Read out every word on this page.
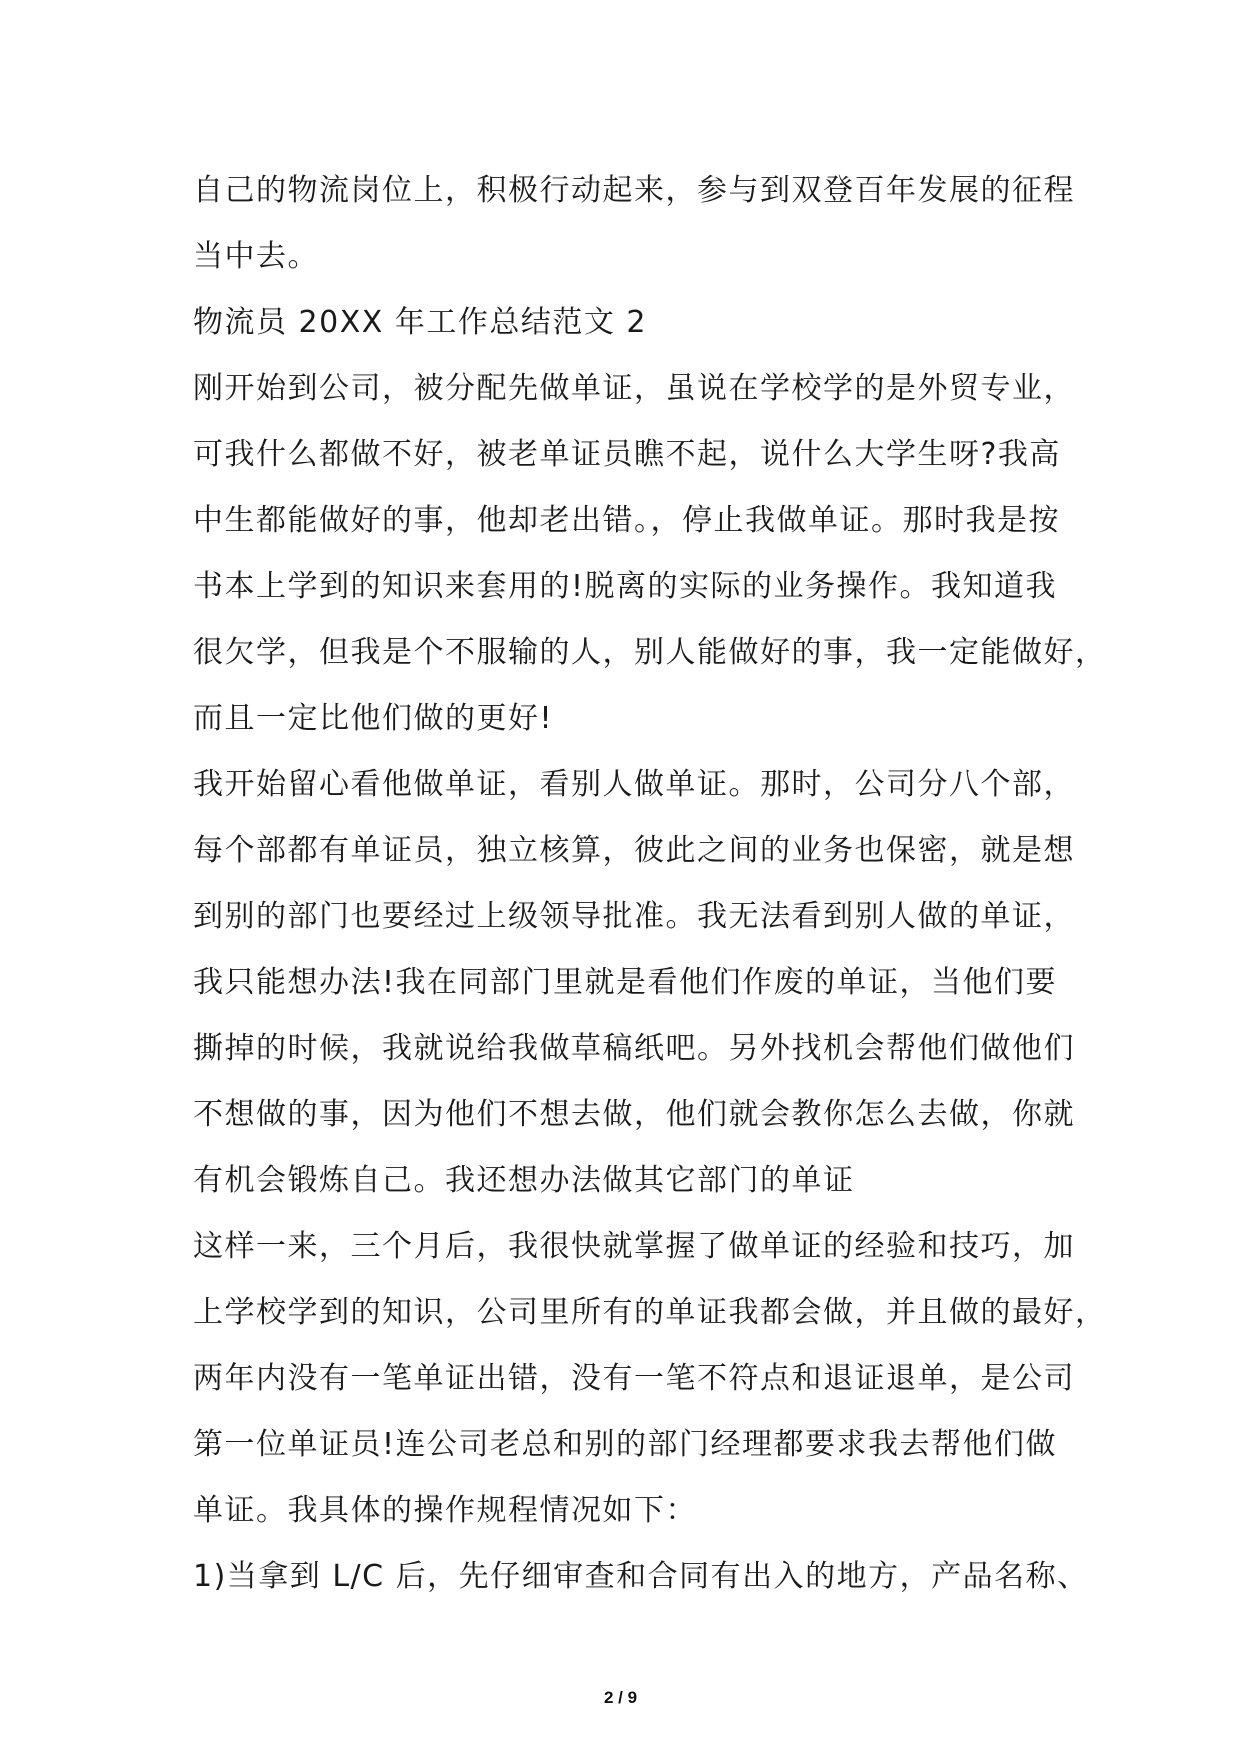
自己的物流岗位上，积极行动起来，参与到双登百年发展的征程
当中去。
物流员 20XX 年工作总结范文 2
刚开始到公司，被分配先做单证，虽说在学校学的是外贸专业，
可我什么都做不好，被老单证员瞧不起，说什么大学生呀?我高
中生都能做好的事，他却老出错。，停止我做单证。那时我是按
书本上学到的知识来套用的!脱离的实际的业务操作。我知道我
很欠学，但我是个不服输的人，别人能做好的事，我一定能做好，
而且一定比他们做的更好!
我开始留心看他做单证，看别人做单证。那时，公司分八个部，
每个部都有单证员，独立核算，彼此之间的业务也保密，就是想
到别的部门也要经过上级领导批准。我无法看到别人做的单证，
我只能想办法!我在同部门里就是看他们作废的单证，当他们要
撕掉的时候，我就说给我做草稿纸吧。另外找机会帮他们做他们
不想做的事，因为他们不想去做，他们就会教你怎么去做，你就
有机会锻炼自己。我还想办法做其它部门的单证
这样一来，三个月后，我很快就掌握了做单证的经验和技巧，加
上学校学到的知识，公司里所有的单证我都会做，并且做的最好，
两年内没有一笔单证出错，没有一笔不符点和退证退单，是公司
第一位单证员!连公司老总和别的部门经理都要求我去帮他们做
单证。我具体的操作规程情况如下：
1)当拿到 L/C 后，先仔细审查和合同有出入的地方，产品名称、
2 / 9
